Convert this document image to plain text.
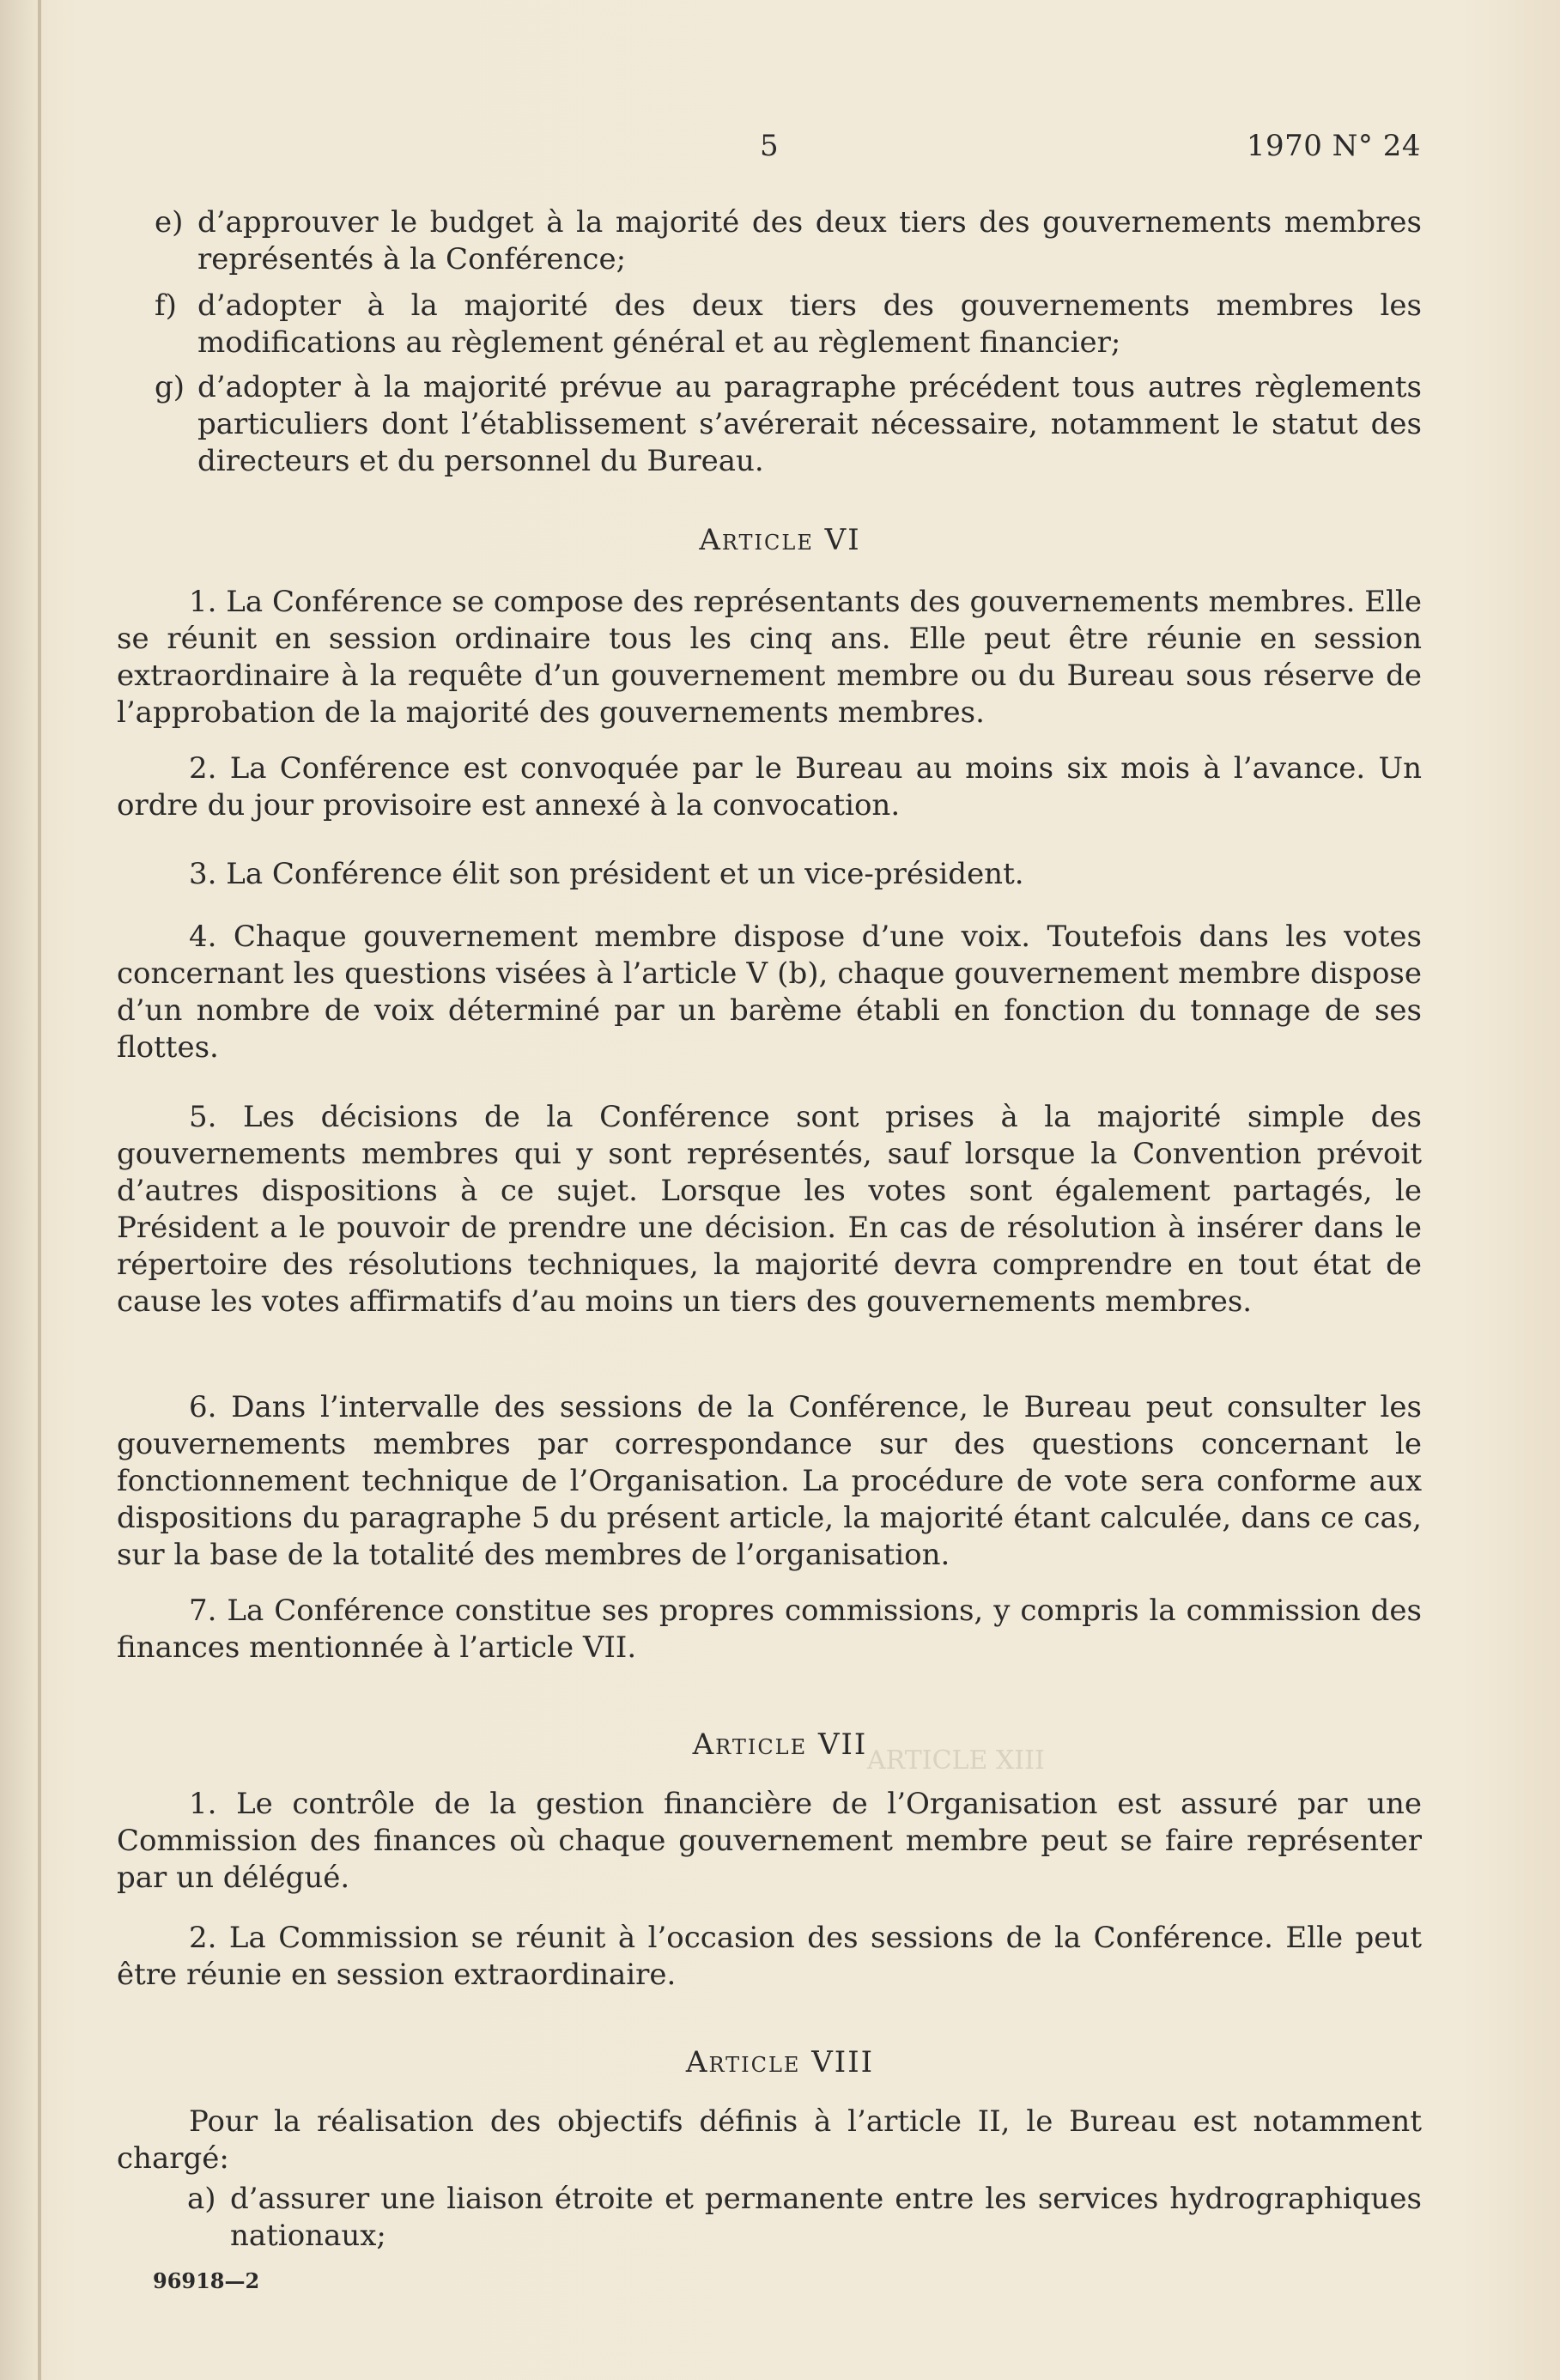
ARTICLE XIII
5	1970 N° 24
e) d’approuver le budget à la majorité des deux tiers des gouvernements membres représentés à la Conférence;
f) d’adopter à la majorité des deux tiers des gouvernements membres les modifications au règlement général et au règlement financier;
g) d’adopter à la majorité prévue au paragraphe précédent tous autres règlements particuliers dont l’établissement s’avérerait nécessaire, notamment le statut des directeurs et du personnel du Bureau.
Article VI
1. La Conférence se compose des représentants des gouvernements membres. Elle se réunit en session ordinaire tous les cinq ans. Elle peut être réunie en session extraordinaire à la requête d’un gouvernement membre ou du Bureau sous réserve de l’approbation de la majorité des gouvernements membres.
2. La Conférence est convoquée par le Bureau au moins six mois à l’avance. Un ordre du jour provisoire est annexé à la convocation.
3. La Conférence élit son président et un vice-président.
4. Chaque gouvernement membre dispose d’une voix. Toutefois dans les votes concernant les questions visées à l’article V (b), chaque gouvernement membre dispose d’un nombre de voix déterminé par un barème établi en fonction du tonnage de ses flottes.
5. Les décisions de la Conférence sont prises à la majorité simple des gouvernements membres qui y sont représentés, sauf lorsque la Convention prévoit d’autres dispositions à ce sujet. Lorsque les votes sont également partagés, le Président a le pouvoir de prendre une décision. En cas de résolution à insérer dans le répertoire des résolutions techniques, la majorité devra comprendre en tout état de cause les votes affirmatifs d’au moins un tiers des gouvernements membres.
6. Dans l’intervalle des sessions de la Conférence, le Bureau peut consulter les gouvernements membres par correspondance sur des questions concernant le fonctionnement technique de l’Organisation. La procédure de vote sera conforme aux dispositions du paragraphe 5 du présent article, la majorité étant calculée, dans ce cas, sur la base de la totalité des membres de l’organisation.
7. La Conférence constitue ses propres commissions, y compris la commission des finances mentionnée à l’article VII.
Article VII
1. Le contrôle de la gestion financière de l’Organisation est assuré par une Commission des finances où chaque gouvernement membre peut se faire représenter par un délégué.
2. La Commission se réunit à l’occasion des sessions de la Conférence. Elle peut être réunie en session extraordinaire.
Article VIII
Pour la réalisation des objectifs définis à l’article II, le Bureau est notamment chargé:
a) d’assurer une liaison étroite et permanente entre les services hydrographiques nationaux;
96918—2
